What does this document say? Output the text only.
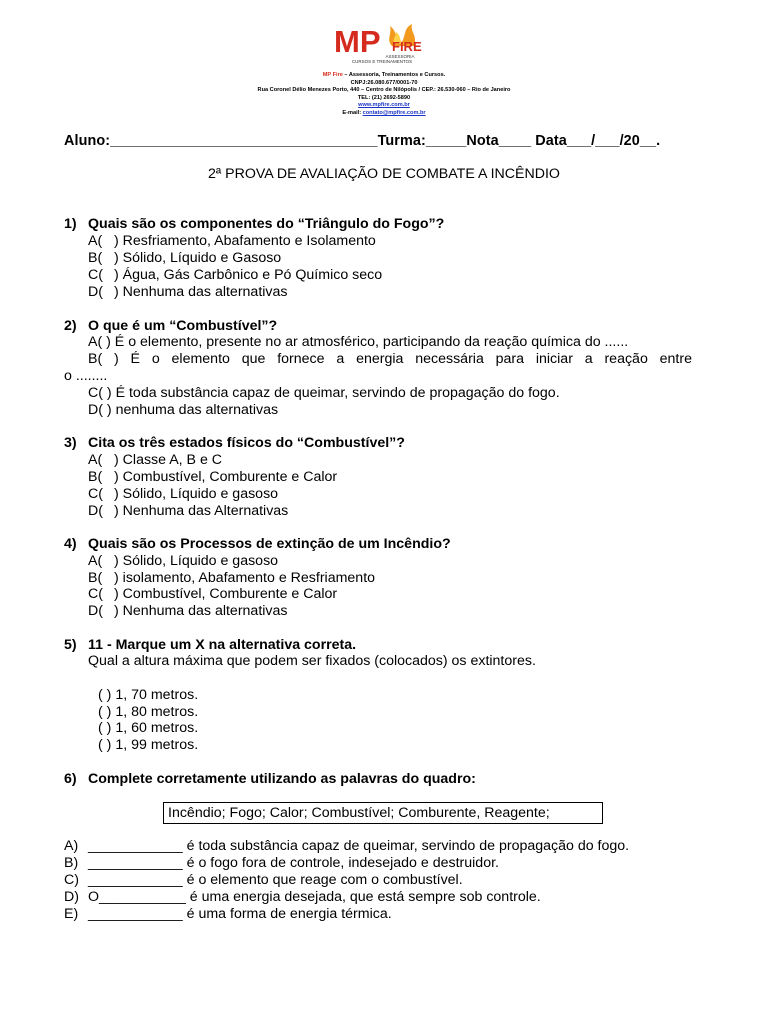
MP FIRE
ASSESSORIA
CURSOS E TREINAMENTOS
MP Fire – Assessoria, Treinamentos e Cursos.
CNPJ:26.080.677/0001-70
Rua Coronel Délio Menezes Porto, 440 – Centro de Nilópolis / CEP.: 26.530-060 – Rio de Janeiro
TEL: (21) 2692-5890
www.mpfire.com.br
E-mail: contato@mpfire.com.br
Aluno:_________________________________Turma:_____Nota____ Data___/___/20__.
2ª PROVA DE AVALIAÇÃO DE COMBATE A INCÊNDIO
1) Quais são os componentes do “Triângulo do Fogo”?
A( ) Resfriamento, Abafamento e Isolamento
B( ) Sólido, Líquido e Gasoso
C( ) Água, Gás Carbônico e Pó Químico seco
D( ) Nenhuma das alternativas
2) O que é um “Combustível”?
A( ) É o elemento, presente no ar atmosférico, participando da reação química do ......
B( ) É o elemento que fornece a energia necessária para iniciar a reação entre
o ........
C( ) É toda substância capaz de queimar, servindo de propagação do fogo.
D( ) nenhuma das alternativas
3) Cita os três estados físicos do “Combustível”?
A( ) Classe A, B e C
B( ) Combustível, Comburente e Calor
C( ) Sólido, Líquido e gasoso
D( ) Nenhuma das Alternativas
4) Quais são os Processos de extinção de um Incêndio?
A( ) Sólido, Líquido e gasoso
B( ) isolamento, Abafamento e Resfriamento
C( ) Combustível, Comburente e Calor
D( ) Nenhuma das alternativas
5) 11 - Marque um X na alternativa correta.
Qual a altura máxima que podem ser fixados (colocados) os extintores.
( ) 1, 70 metros.
( ) 1, 80 metros.
( ) 1, 60 metros.
( ) 1, 99 metros.
6) Complete corretamente utilizando as palavras do quadro:
Incêndio; Fogo; Calor; Combustível; Comburente, Reagente;
A) ____________ é toda substância capaz de queimar, servindo de propagação do fogo.
B) ____________ é o fogo fora de controle, indesejado e destruidor.
C) ____________ é o elemento que reage com o combustível.
D) O___________ é uma energia desejada, que está sempre sob controle.
E) ____________ é uma forma de energia térmica.
